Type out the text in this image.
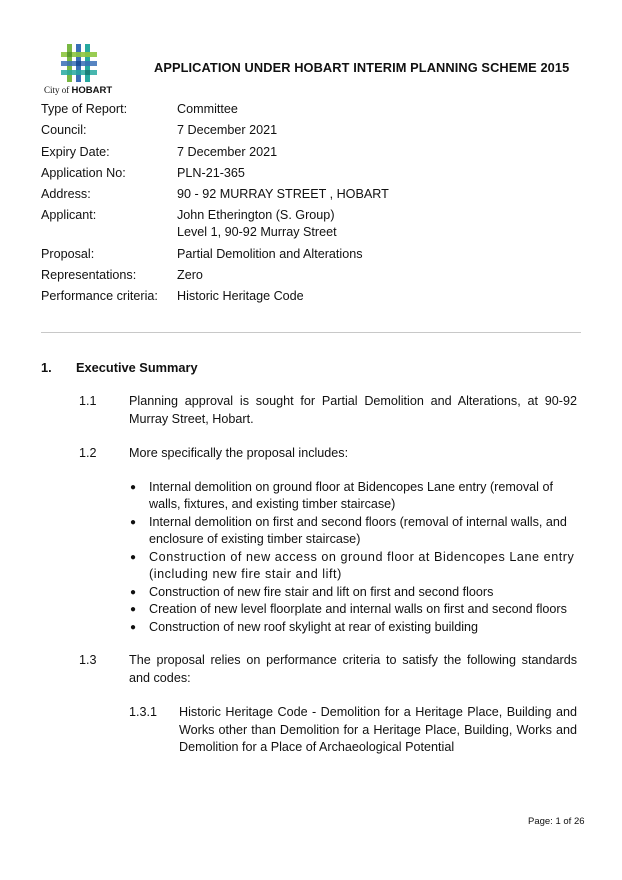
City of HOBART
APPLICATION UNDER HOBART INTERIM PLANNING SCHEME 2015
Type of Report:	Committee
Council:	7 December 2021
Expiry Date:	7 December 2021
Application No:	PLN-21-365
Address:	90 - 92 MURRAY STREET , HOBART
Applicant:	John Etherington (S. Group)
Level 1, 90-92 Murray Street
Proposal:	Partial Demolition and Alterations
Representations:	Zero
Performance criteria:	Historic Heritage Code
1. Executive Summary
1.1	Planning approval is sought for Partial Demolition and Alterations, at 90-92 Murray Street, Hobart.
1.2	More specifically the proposal includes:
●	Internal demolition on ground floor at Bidencopes Lane entry (removal of walls, fixtures, and existing timber staircase)
●	Internal demolition on first and second floors (removal of internal walls, and enclosure of existing timber staircase)
●	Construction of new access on ground floor at Bidencopes Lane entry (including new fire stair and lift)
●	Construction of new fire stair and lift on first and second floors
●	Creation of new level floorplate and internal walls on first and second floors
●	Construction of new roof skylight at rear of existing building
1.3	The proposal relies on performance criteria to satisfy the following standards and codes:
1.3.1	Historic Heritage Code - Demolition for a Heritage Place, Building and Works other than Demolition for a Heritage Place, Building, Works and Demolition for a Place of Archaeological Potential
Page: 1 of 26
